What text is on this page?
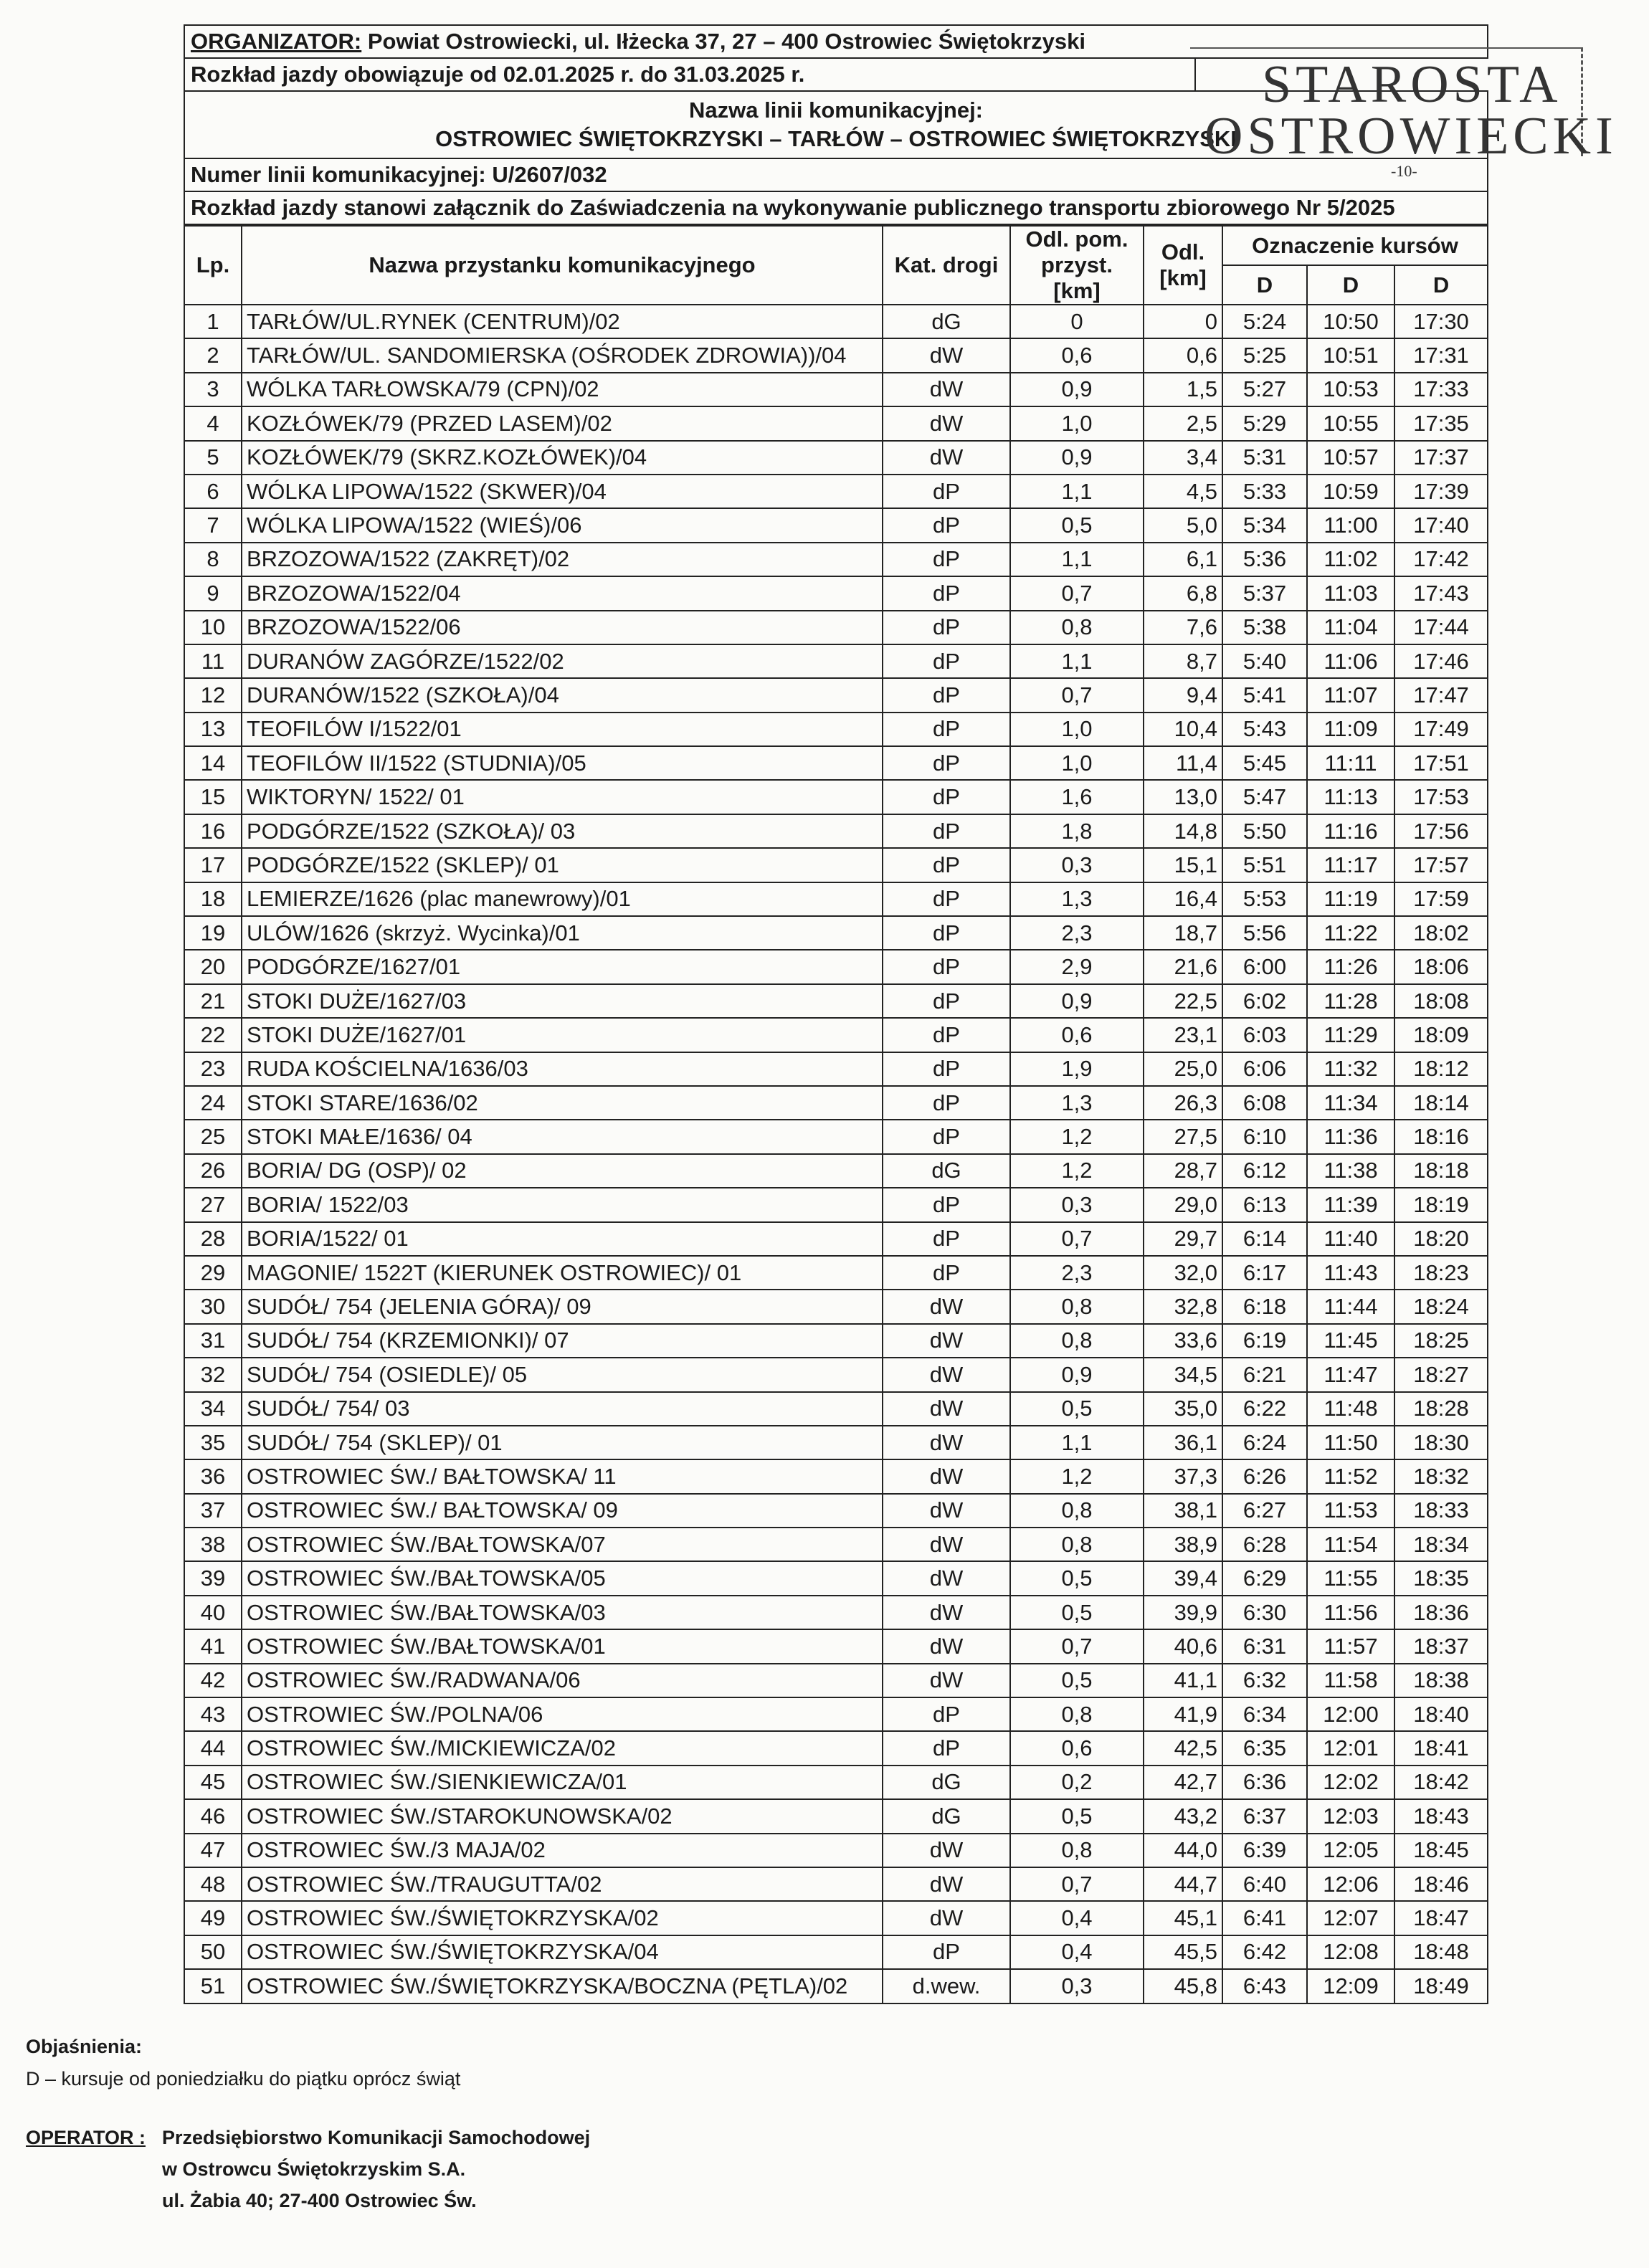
ORGANIZATOR: Powiat Ostrowiecki, ul. Iłżecka 37, 27 – 400 Ostrowiec Świętokrzyski
Rozkład jazdy obowiązuje od 02.01.2025 r. do 31.03.2025 r.	

Nazwa linii komunikacyjnej:
OSTROWIEC ŚWIĘTOKRZYSKI – TARŁÓW – OSTROWIEC ŚWIĘTOKRZYSKI

Numer linii komunikacyjnej: U/2607/032
Rozkład jazdy stanowi załącznik do Zaświadczenia na wykonywanie publicznego transportu zbiorowego Nr 5/2025
Lp.	Nazwa przystanku komunikacyjnego	Kat. drogi	Odl. pom. przyst. [km]	Odl. [km]	Oznaczenie kursów		
					D	D	D
1	TARŁÓW/UL.RYNEK (CENTRUM)/02	dG	0	0	5:24	10:50	17:30
2	TARŁÓW/UL. SANDOMIERSKA (OŚRODEK ZDROWIA))/04	dW	0,6	0,6	5:25	10:51	17:31
3	WÓLKA TARŁOWSKA/79 (CPN)/02	dW	0,9	1,5	5:27	10:53	17:33
4	KOZŁÓWEK/79 (PRZED LASEM)/02	dW	1,0	2,5	5:29	10:55	17:35
5	KOZŁÓWEK/79 (SKRZ.KOZŁÓWEK)/04	dW	0,9	3,4	5:31	10:57	17:37
6	WÓLKA LIPOWA/1522 (SKWER)/04	dP	1,1	4,5	5:33	10:59	17:39
7	WÓLKA LIPOWA/1522 (WIEŚ)/06	dP	0,5	5,0	5:34	11:00	17:40
8	BRZOZOWA/1522 (ZAKRĘT)/02	dP	1,1	6,1	5:36	11:02	17:42
9	BRZOZOWA/1522/04	dP	0,7	6,8	5:37	11:03	17:43
10	BRZOZOWA/1522/06	dP	0,8	7,6	5:38	11:04	17:44
11	DURANÓW ZAGÓRZE/1522/02	dP	1,1	8,7	5:40	11:06	17:46
12	DURANÓW/1522 (SZKOŁA)/04	dP	0,7	9,4	5:41	11:07	17:47
13	TEOFILÓW I/1522/01	dP	1,0	10,4	5:43	11:09	17:49
14	TEOFILÓW II/1522 (STUDNIA)/05	dP	1,0	11,4	5:45	11:11	17:51
15	WIKTORYN/ 1522/ 01	dP	1,6	13,0	5:47	11:13	17:53
16	PODGÓRZE/1522 (SZKOŁA)/ 03	dP	1,8	14,8	5:50	11:16	17:56
17	PODGÓRZE/1522 (SKLEP)/ 01	dP	0,3	15,1	5:51	11:17	17:57
18	LEMIERZE/1626 (plac manewrowy)/01	dP	1,3	16,4	5:53	11:19	17:59
19	ULÓW/1626 (skrzyż. Wycinka)/01	dP	2,3	18,7	5:56	11:22	18:02
20	PODGÓRZE/1627/01	dP	2,9	21,6	6:00	11:26	18:06
21	STOKI DUŻE/1627/03	dP	0,9	22,5	6:02	11:28	18:08
22	STOKI DUŻE/1627/01	dP	0,6	23,1	6:03	11:29	18:09
23	RUDA KOŚCIELNA/1636/03	dP	1,9	25,0	6:06	11:32	18:12
24	STOKI STARE/1636/02	dP	1,3	26,3	6:08	11:34	18:14
25	STOKI MAŁE/1636/ 04	dP	1,2	27,5	6:10	11:36	18:16
26	BORIA/ DG (OSP)/ 02	dG	1,2	28,7	6:12	11:38	18:18
27	BORIA/ 1522/03	dP	0,3	29,0	6:13	11:39	18:19
28	BORIA/1522/ 01	dP	0,7	29,7	6:14	11:40	18:20
29	MAGONIE/ 1522T (KIERUNEK OSTROWIEC)/ 01	dP	2,3	32,0	6:17	11:43	18:23
30	SUDÓŁ/ 754 (JELENIA GÓRA)/ 09	dW	0,8	32,8	6:18	11:44	18:24
31	SUDÓŁ/ 754 (KRZEMIONKI)/ 07	dW	0,8	33,6	6:19	11:45	18:25
32	SUDÓŁ/ 754 (OSIEDLE)/ 05	dW	0,9	34,5	6:21	11:47	18:27
34	SUDÓŁ/ 754/ 03	dW	0,5	35,0	6:22	11:48	18:28
35	SUDÓŁ/ 754 (SKLEP)/ 01	dW	1,1	36,1	6:24	11:50	18:30
36	OSTROWIEC ŚW./ BAŁTOWSKA/ 11	dW	1,2	37,3	6:26	11:52	18:32
37	OSTROWIEC ŚW./ BAŁTOWSKA/ 09	dW	0,8	38,1	6:27	11:53	18:33
38	OSTROWIEC ŚW./BAŁTOWSKA/07	dW	0,8	38,9	6:28	11:54	18:34
39	OSTROWIEC ŚW./BAŁTOWSKA/05	dW	0,5	39,4	6:29	11:55	18:35
40	OSTROWIEC ŚW./BAŁTOWSKA/03	dW	0,5	39,9	6:30	11:56	18:36
41	OSTROWIEC ŚW./BAŁTOWSKA/01	dW	0,7	40,6	6:31	11:57	18:37
42	OSTROWIEC ŚW./RADWANA/06	dW	0,5	41,1	6:32	11:58	18:38
43	OSTROWIEC ŚW./POLNA/06	dP	0,8	41,9	6:34	12:00	18:40
44	OSTROWIEC ŚW./MICKIEWICZA/02	dP	0,6	42,5	6:35	12:01	18:41
45	OSTROWIEC ŚW./SIENKIEWICZA/01	dG	0,2	42,7	6:36	12:02	18:42
46	OSTROWIEC ŚW./STAROKUNOWSKA/02	dG	0,5	43,2	6:37	12:03	18:43
47	OSTROWIEC ŚW./3 MAJA/02	dW	0,8	44,0	6:39	12:05	18:45
48	OSTROWIEC ŚW./TRAUGUTTA/02	dW	0,7	44,7	6:40	12:06	18:46
49	OSTROWIEC ŚW./ŚWIĘTOKRZYSKA/02	dW	0,4	45,1	6:41	12:07	18:47
50	OSTROWIEC ŚW./ŚWIĘTOKRZYSKA/04	dP	0,4	45,5	6:42	12:08	18:48
51	OSTROWIEC ŚW./ŚWIĘTOKRZYSKA/BOCZNA (PĘTLA)/02	d.wew.	0,3	45,8	6:43	12:09	18:49
STAROSTA
OSTROWIECKI
-10-
Objaśnienia:
D – kursuje od poniedziałku do piątku oprócz świąt
OPERATOR : Przedsiębiorstwo Komunikacji Samochodowej
w Ostrowcu Świętokrzyskim S.A.
ul. Żabia 40; 27-400 Ostrowiec Św.
